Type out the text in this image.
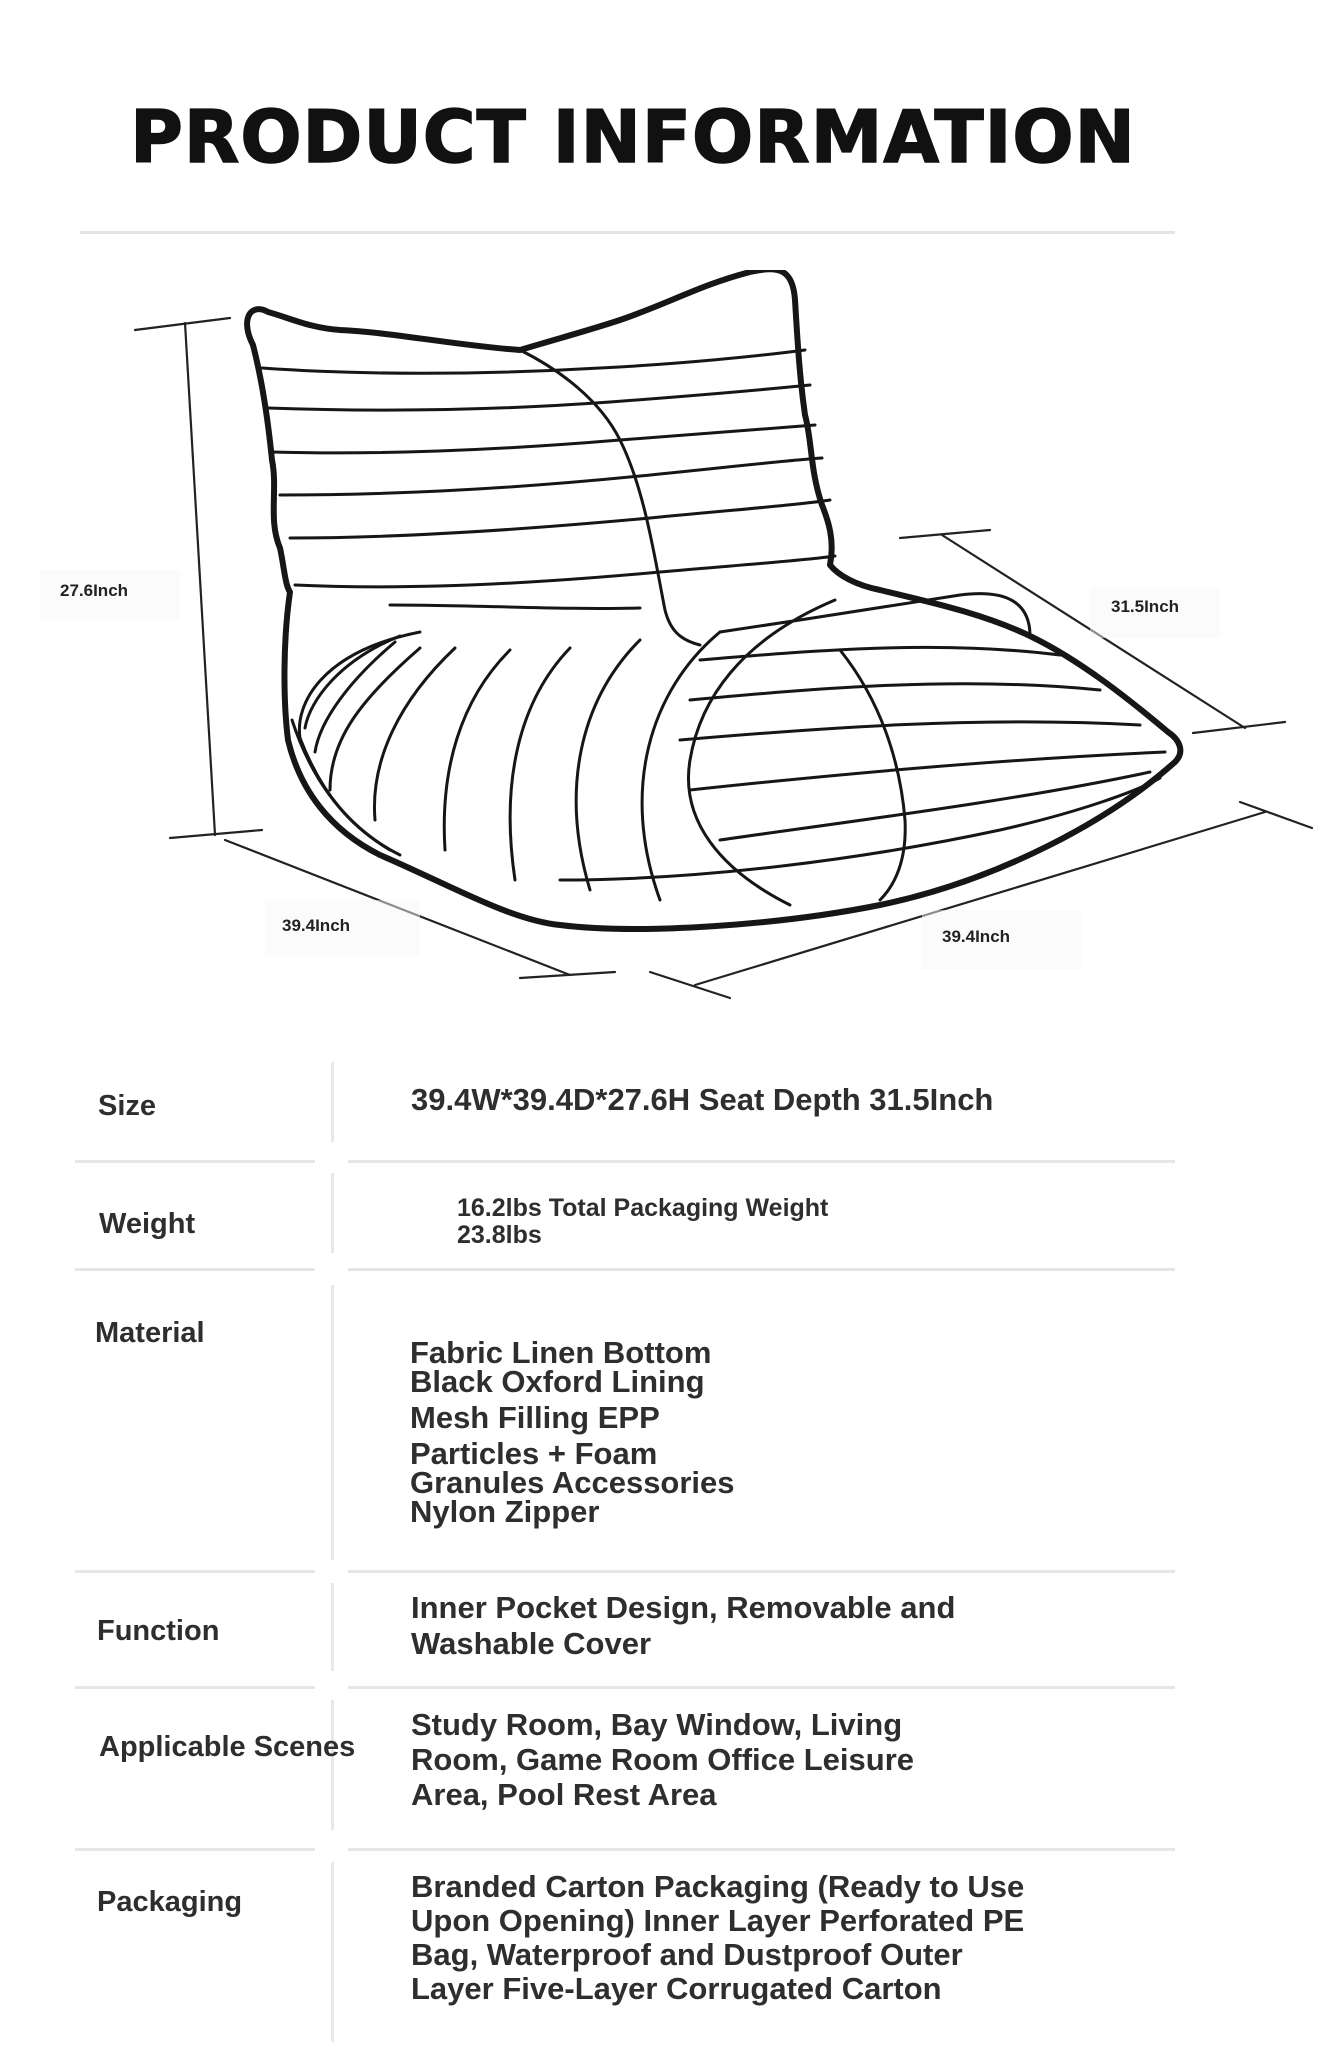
PRODUCT INFORMATION
27.6Inch
31.5Inch
39.4Inch
39.4Inch
Size	39.4W*39.4D*27.6H Seat Depth 31.5Inch
Weight	16.2lbs Total Packaging Weight
23.8lbs
Material
Fabric Linen Bottom
Black Oxford Lining
Mesh Filling EPP
Particles + Foam
Granules Accessories
Nylon Zipper
Function
Inner Pocket Design, Removable and
Washable Cover
Applicable Scenes
Study Room, Bay Window, Living
Room, Game Room Office Leisure
Area, Pool Rest Area
Packaging	Branded Carton Packaging (Ready to Use
Upon Opening) Inner Layer Perforated PE
Bag, Waterproof and Dustproof Outer
Layer Five-Layer Corrugated Carton
